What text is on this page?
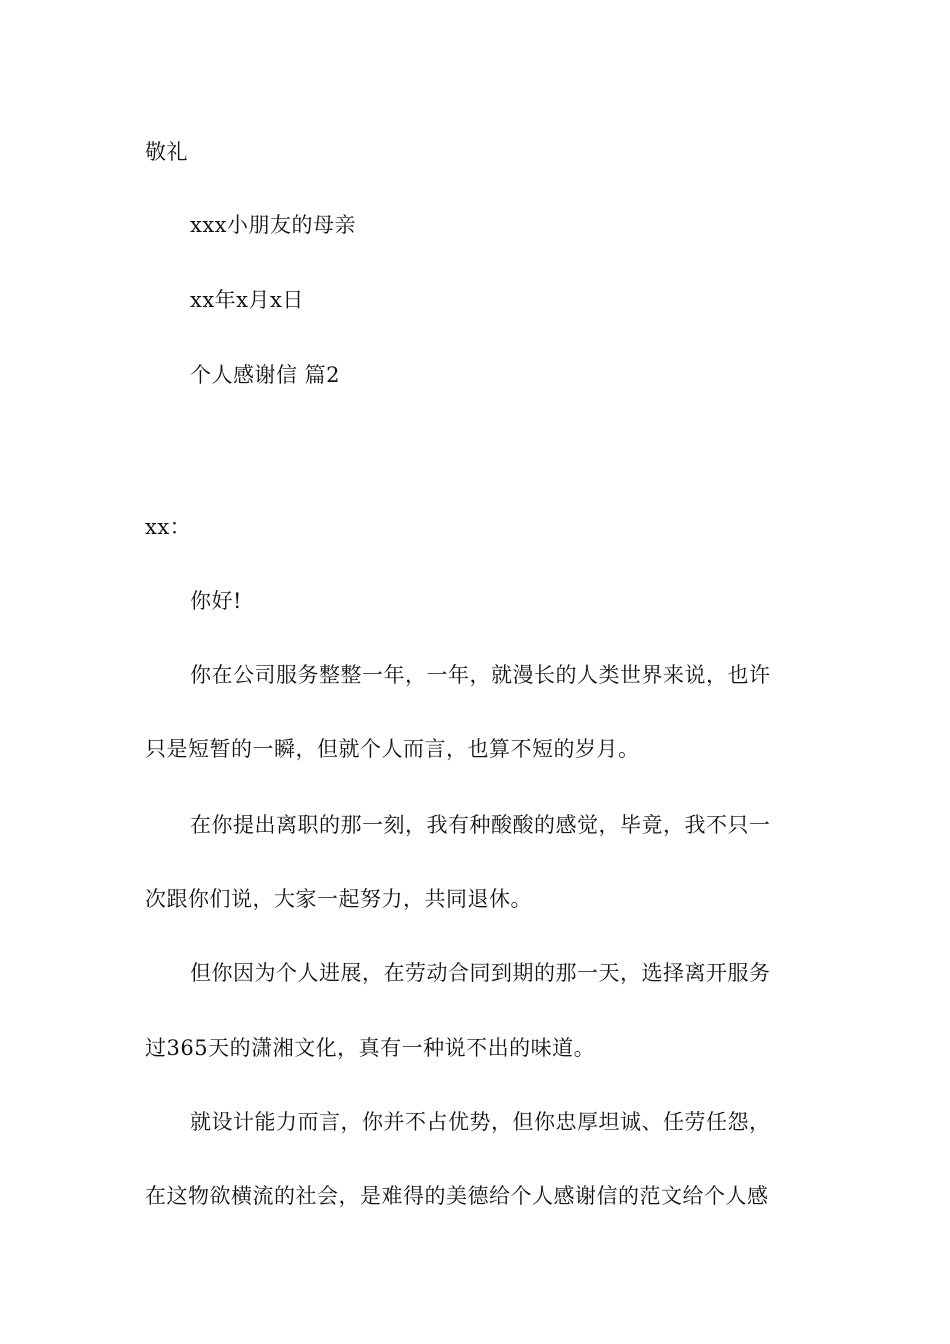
敬礼
xxx小朋友的母亲
xx年x月x日
个人感谢信 篇2
xx：
你好!
你在公司服务整整一年，一年，就漫长的人类世界来说，也许
只是短暂的一瞬，但就个人而言，也算不短的岁月。
在你提出离职的那一刻，我有种酸酸的感觉，毕竟，我不只一
次跟你们说，大家一起努力，共同退休。
但你因为个人进展，在劳动合同到期的那一天，选择离开服务
过365天的潇湘文化，真有一种说不出的味道。
就设计能力而言，你并不占优势，但你忠厚坦诚、任劳任怨，
在这物欲横流的社会，是难得的美德给个人感谢信的范文给个人感
